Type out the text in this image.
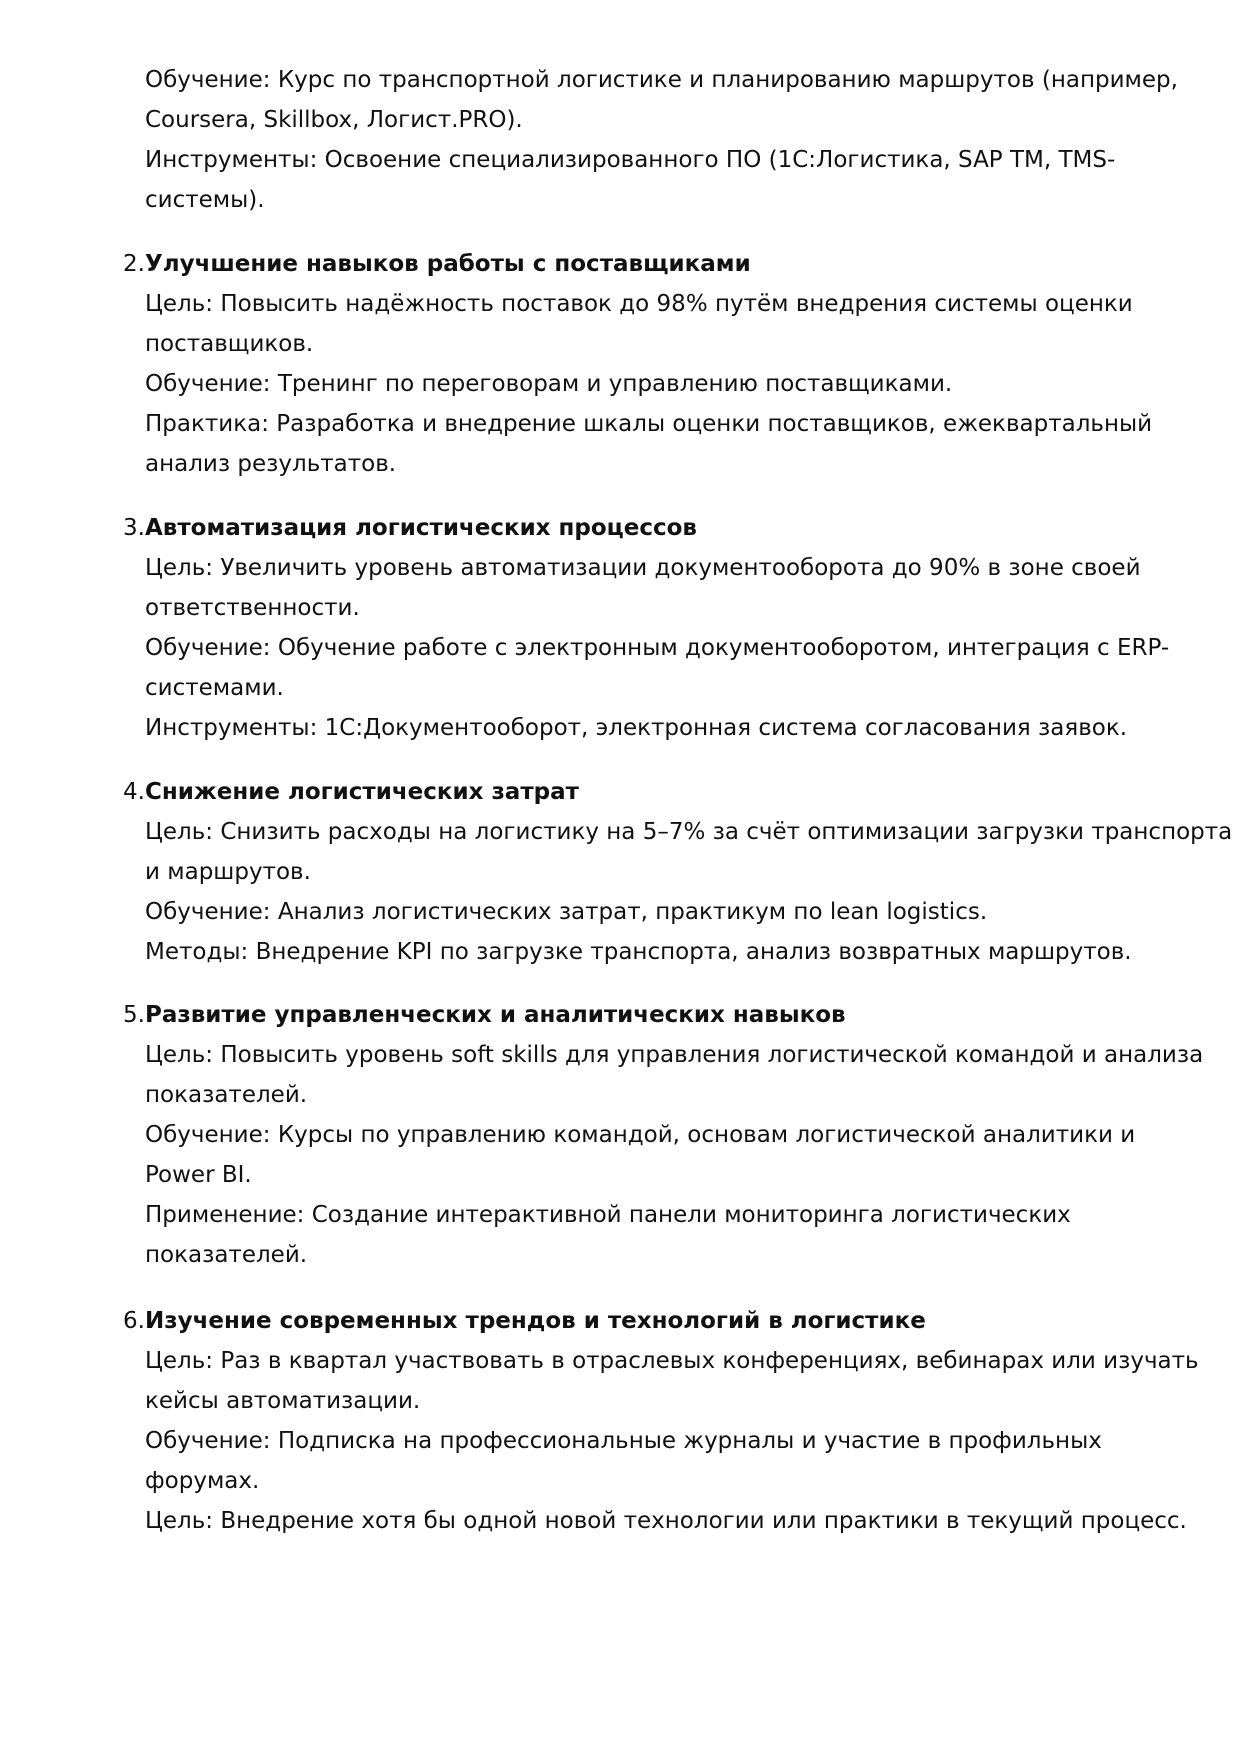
Обучение: Курс по транспортной логистике и планированию маршрутов (например,
Coursera, Skillbox, Логист.PRO).
Инструменты: Освоение специализированного ПО (1С:Логистика, SAP TM, TMS-
системы).
2. Улучшение навыков работы с поставщиками
Цель: Повысить надёжность поставок до 98% путём внедрения системы оценки
поставщиков.
Обучение: Тренинг по переговорам и управлению поставщиками.
Практика: Разработка и внедрение шкалы оценки поставщиков, ежеквартальный
анализ результатов.
3. Автоматизация логистических процессов
Цель: Увеличить уровень автоматизации документооборота до 90% в зоне своей
ответственности.
Обучение: Обучение работе с электронным документооборотом, интеграция с ERP-
системами.
Инструменты: 1С:Документооборот, электронная система согласования заявок.
4. Снижение логистических затрат
Цель: Снизить расходы на логистику на 5–7% за счёт оптимизации загрузки транспорта
и маршрутов.
Обучение: Анализ логистических затрат, практикум по lean logistics.
Методы: Внедрение KPI по загрузке транспорта, анализ возвратных маршрутов.
5. Развитие управленческих и аналитических навыков
Цель: Повысить уровень soft skills для управления логистической командой и анализа
показателей.
Обучение: Курсы по управлению командой, основам логистической аналитики и
Power BI.
Применение: Создание интерактивной панели мониторинга логистических
показателей.
6. Изучение современных трендов и технологий в логистике
Цель: Раз в квартал участвовать в отраслевых конференциях, вебинарах или изучать
кейсы автоматизации.
Обучение: Подписка на профессиональные журналы и участие в профильных
форумах.
Цель: Внедрение хотя бы одной новой технологии или практики в текущий процесс.
